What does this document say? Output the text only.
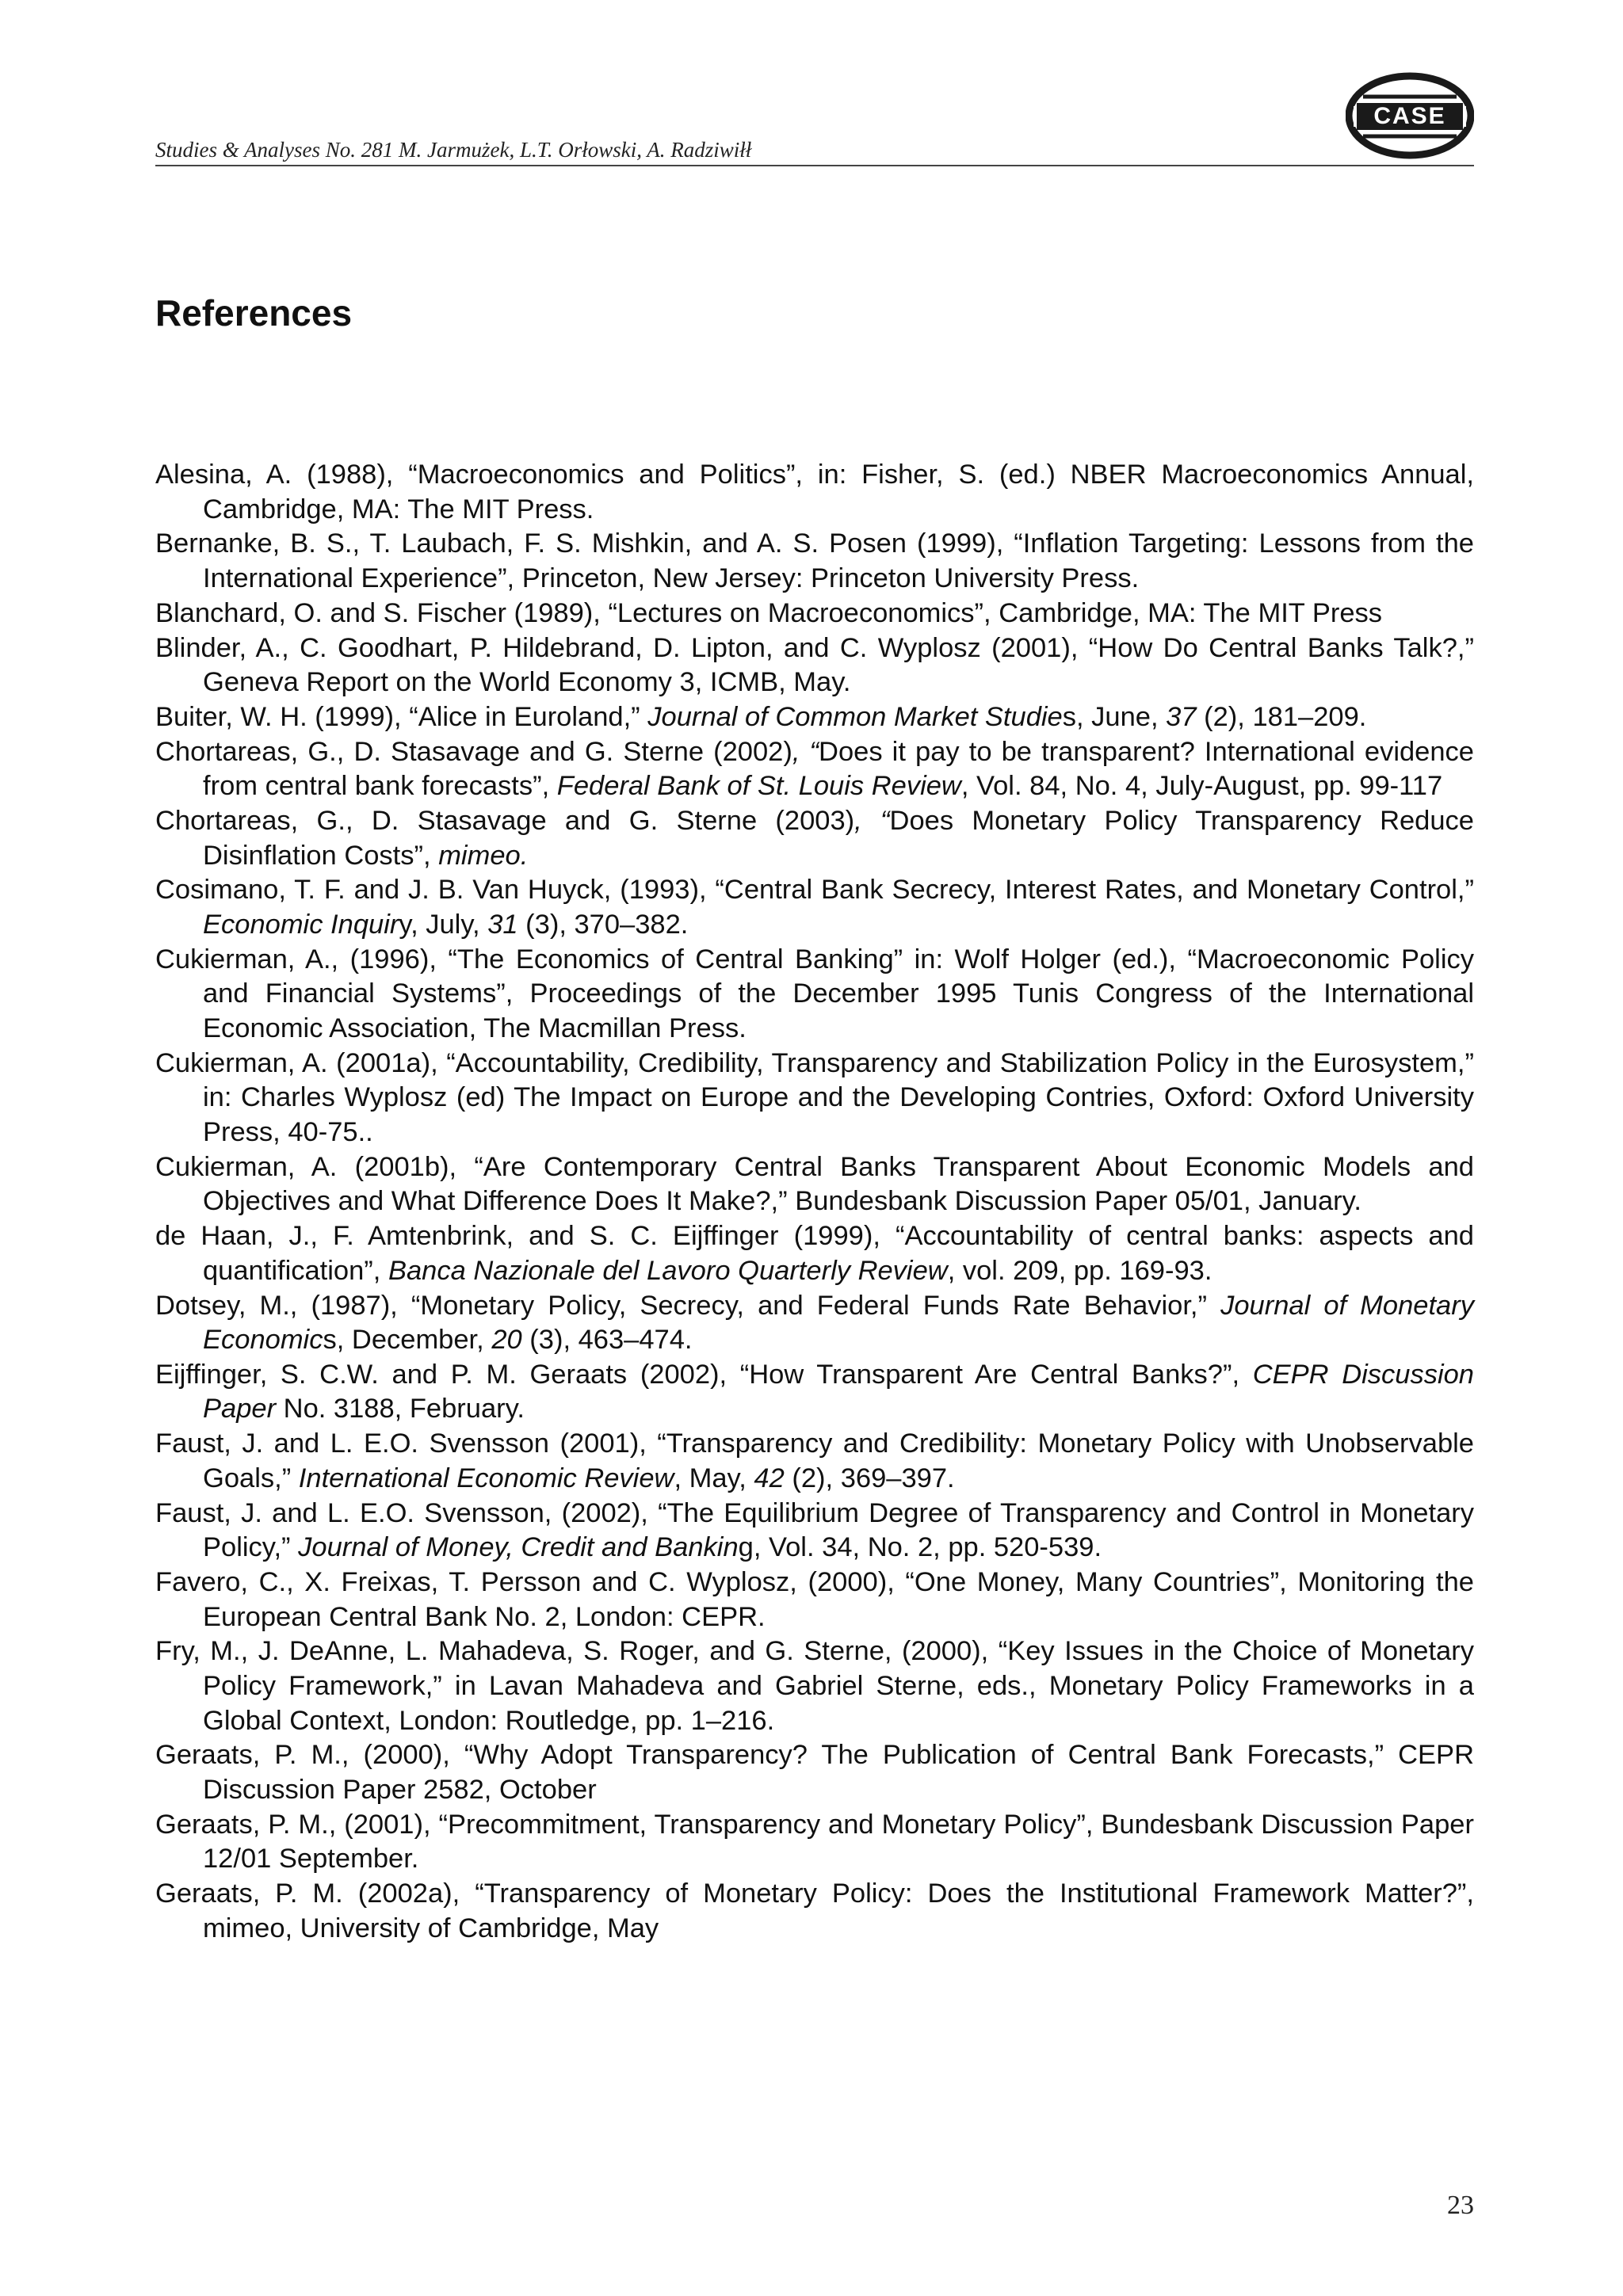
CASE
Studies & Analyses No. 281 M. Jarmużek, L.T. Orłowski, A. Radziwiłł
References
Alesina, A. (1988), “Macroeconomics and Politics”, in: Fisher, S. (ed.) NBER Macroeconomics Annual, Cambridge, MA: The MIT Press.
Bernanke, B. S., T. Laubach, F. S. Mishkin, and A. S. Posen (1999), “Inflation Targeting: Lessons from the International Experience”, Princeton, New Jersey: Princeton University Press.
Blanchard, O. and S. Fischer (1989), “Lectures on Macroeconomics”, Cambridge, MA: The MIT Press
Blinder, A., C. Goodhart, P. Hildebrand, D. Lipton, and C. Wyplosz (2001), “How Do Central Banks Talk?,” Geneva Report on the World Economy 3, ICMB, May.
Buiter, W. H. (1999), “Alice in Euroland,” Journal of Common Market Studies, June, 37 (2), 181–209.
Chortareas, G., D. Stasavage and G. Sterne (2002), “Does it pay to be transparent? International evidence from central bank forecasts”, Federal Bank of St. Louis Review, Vol. 84, No. 4, July-August, pp. 99-117
Chortareas, G., D. Stasavage and G. Sterne (2003), “Does Monetary Policy Transparency Reduce Disinflation Costs”, mimeo.
Cosimano, T. F. and J. B. Van Huyck, (1993), “Central Bank Secrecy, Interest Rates, and Monetary Control,” Economic Inquiry, July, 31 (3), 370–382.
Cukierman, A., (1996), “The Economics of Central Banking” in: Wolf Holger (ed.), “Macroeconomic Policy and Financial Systems”, Proceedings of the December 1995 Tunis Congress of the International Economic Association, The Macmillan Press.
Cukierman, A. (2001a), “Accountability, Credibility, Transparency and Stabilization Policy in the Eurosystem,” in: Charles Wyplosz (ed) The Impact on Europe and the Developing Contries, Oxford: Oxford University Press, 40-75..
Cukierman, A. (2001b), “Are Contemporary Central Banks Transparent About Economic Models and Objectives and What Difference Does It Make?,” Bundesbank Discussion Paper 05/01, January.
de Haan, J., F. Amtenbrink, and S. C. Eijffinger (1999), “Accountability of central banks: aspects and quantification”, Banca Nazionale del Lavoro Quarterly Review, vol. 209, pp. 169-93.
Dotsey, M., (1987), “Monetary Policy, Secrecy, and Federal Funds Rate Behavior,” Journal of Monetary Economics, December, 20 (3), 463–474.
Eijffinger, S. C.W. and P. M. Geraats (2002), “How Transparent Are Central Banks?”, CEPR Discussion Paper No. 3188, February.
Faust, J. and L. E.O. Svensson (2001), “Transparency and Credibility: Monetary Policy with Unobservable Goals,” International Economic Review, May, 42 (2), 369–397.
Faust, J. and L. E.O. Svensson, (2002), “The Equilibrium Degree of Transparency and Control in Monetary Policy,” Journal of Money, Credit and Banking, Vol. 34, No. 2, pp. 520-539.
Favero, C., X. Freixas, T. Persson and C. Wyplosz, (2000), “One Money, Many Countries”, Monitoring the European Central Bank No. 2, London: CEPR.
Fry, M., J. DeAnne, L. Mahadeva, S. Roger, and G. Sterne, (2000), “Key Issues in the Choice of Monetary Policy Framework,” in Lavan Mahadeva and Gabriel Sterne, eds., Monetary Policy Frameworks in a Global Context, London: Routledge, pp. 1–216.
Geraats, P. M., (2000), “Why Adopt Transparency? The Publication of Central Bank Forecasts,” CEPR Discussion Paper 2582, October
Geraats, P. M., (2001), “Precommitment, Transparency and Monetary Policy”, Bundesbank Discussion Paper 12/01 September.
Geraats, P. M. (2002a), “Transparency of Monetary Policy: Does the Institutional Framework Matter?”, mimeo, University of Cambridge, May
23
